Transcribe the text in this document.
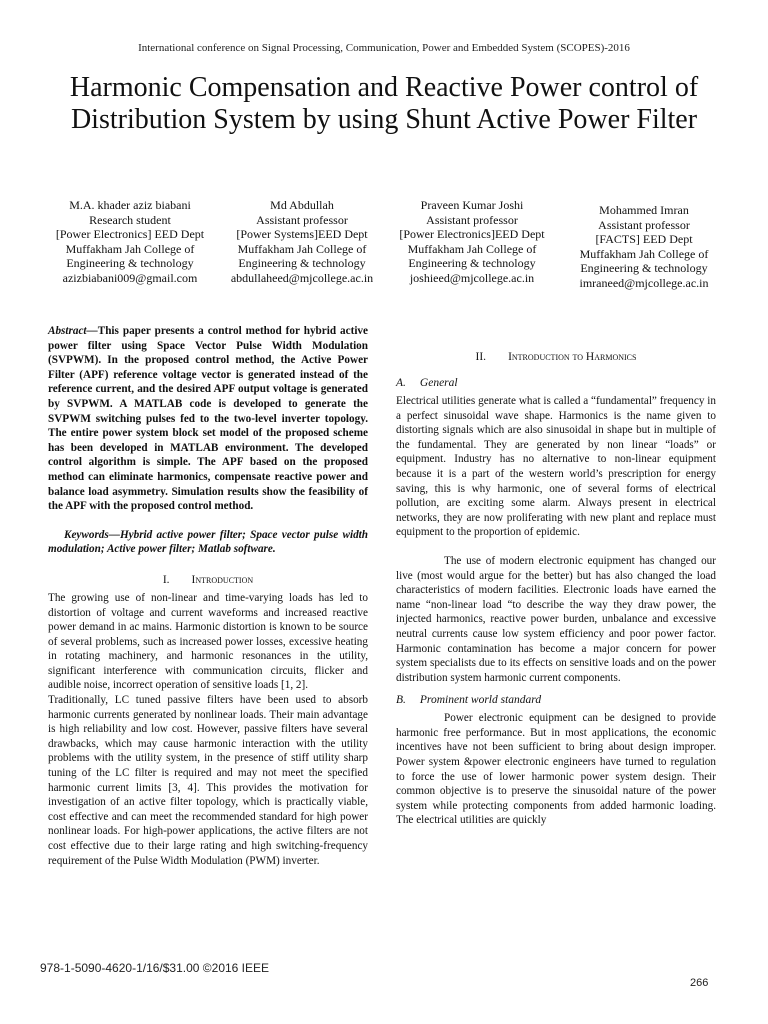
International conference on Signal Processing, Communication, Power and Embedded System (SCOPES)-2016
Harmonic Compensation and Reactive Power control of Distribution System by using Shunt Active Power Filter
M.A. khader aziz biabani
Research student
[Power Electronics] EED Dept
Muffakham Jah College of
Engineering & technology
azizbiabani009@gmail.com
Md Abdullah
Assistant professor
[Power Systems]EED Dept
Muffakham Jah College of
Engineering & technology
abdullaheed@mjcollege.ac.in
Praveen Kumar Joshi
Assistant professor
[Power Electronics]EED Dept
Muffakham Jah College of
Engineering & technology
joshieed@mjcollege.ac.in
Mohammed Imran
Assistant professor
[FACTS] EED Dept
Muffakham Jah College of
Engineering & technology
imraneed@mjcollege.ac.in

Abstract—This paper presents a control method for hybrid active power filter using Space Vector Pulse Width Modulation (SVPWM). In the proposed control method, the Active Power Filter (APF) reference voltage vector is generated instead of the reference current, and the desired APF output voltage is generated by SVPWM. A MATLAB code is developed to generate the SVPWM switching pulses fed to the two-level inverter topology. The entire power system block set model of the proposed scheme has been developed in MATLAB environment. The developed control algorithm is simple. The APF based on the proposed method can eliminate harmonics, compensate reactive power and balance load asymmetry. Simulation results show the feasibility of the APF with the proposed control method.

Keywords—Hybrid active power filter; Space vector pulse width modulation; Active power filter; Matlab software.

I. Introduction

The growing use of non-linear and time-varying loads has led to distortion of voltage and current waveforms and increased reactive power demand in ac mains. Harmonic distortion is known to be source of several problems, such as increased power losses, excessive heating in rotating machinery, and harmonic resonances in the utility, significant interference with communication circuits, flicker and audible noise, incorrect operation of sensitive loads [1, 2].

Traditionally, LC tuned passive filters have been used to absorb harmonic currents generated by nonlinear loads. Their main advantage is high reliability and low cost. However, passive filters have several drawbacks, which may cause harmonic interaction with the utility problems with the utility system, in the presence of stiff utility sharp tuning of the LC filter is required and may not meet the specified harmonic current limits [3, 4]. This provides the motivation for investigation of an active filter topology, which is practically viable, cost effective and can meet the recommended standard for high power nonlinear loads. For high-power applications, the active filters are not cost effective due to their large rating and high switching-frequency requirement of the Pulse Width Modulation (PWM) inverter.

II. Introduction to Harmonics
A. General

Electrical utilities generate what is called a “fundamental” frequency in a perfect sinusoidal wave shape. Harmonics is the name given to distorting signals which are also sinusoidal in shape but in multiple of the fundamental. They are generated by non linear “loads” or equipment. Industry has no alternative to non-linear equipment because it is a part of the western world’s prescription for energy saving, this is why harmonic, one of several forms of electrical pollution, are exciting some alarm. Always present in electrical networks, they are now proliferating with new plant and replace must equipment to the proportion of epidemic.

The use of modern electronic equipment has changed our live (most would argue for the better) but has also changed the load characteristics of modern facilities. Electronic loads have earned the name “non-linear load “to describe the way they draw power, the injected harmonics, reactive power burden, unbalance and excessive neutral currents cause low system efficiency and poor power factor. Harmonic contamination has become a major concern for power system specialists due to its effects on sensitive loads and on the power distribution system harmonic current components.

B. Prominent world standard

Power electronic equipment can be designed to provide harmonic free performance. But in most applications, the economic incentives have not been sufficient to bring about design improper. Power system &power electronic engineers have turned to regulation to force the use of lower harmonic power system design. Their common objective is to preserve the sinusoidal nature of the power system while protecting components from added harmonic loading. The electrical utilities are quickly

978-1-5090-4620-1/16/$31.00 ©2016 IEEE
266
